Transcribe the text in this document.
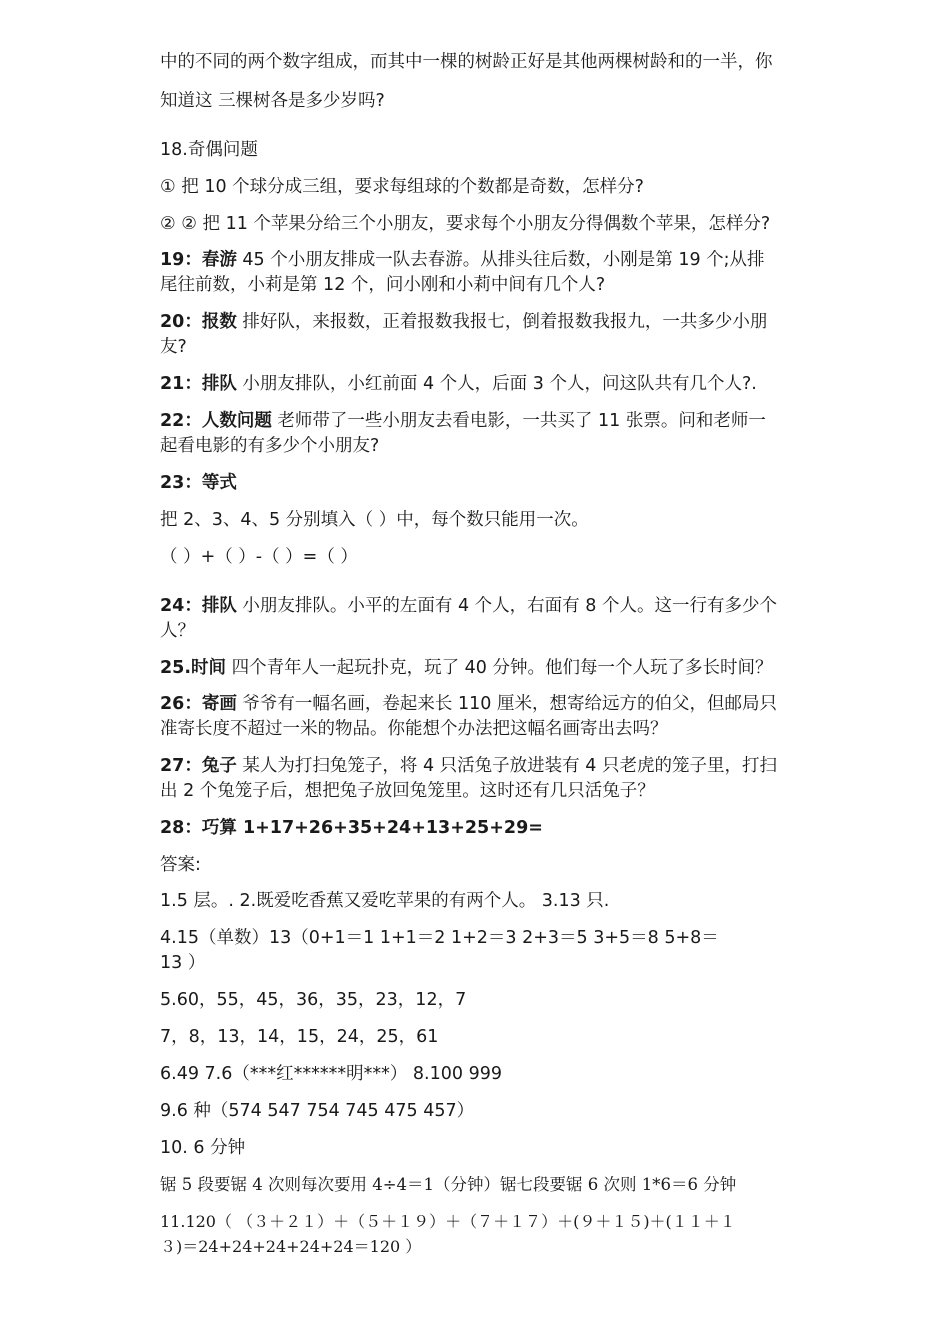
中的不同的两个数字组成，而其中一棵的树龄正好是其他两棵树龄和的一半，你
知道这 三棵树各是多少岁吗?
18.奇偶问题
① 把 10 个球分成三组，要求每组球的个数都是奇数，怎样分?
② ② 把 11 个苹果分给三个小朋友，要求每个小朋友分得偶数个苹果，怎样分?
19：春游 45 个小朋友排成一队去春游。从排头往后数，小刚是第 19 个;从排
尾往前数，小莉是第 12 个，问小刚和小莉中间有几个人?
20：报数 排好队，来报数，正着报数我报七，倒着报数我报九，一共多少小朋
友?
21：排队 小朋友排队，小红前面 4 个人，后面 3 个人，问这队共有几个人?.
22：人数问题 老师带了一些小朋友去看电影，一共买了 11 张票。问和老师一
起看电影的有多少个小朋友?
23：等式
把 2、3、4、5 分别填入（ ）中，每个数只能用一次。
（ ）+（ ）-（ ）=（ ）
24：排队 小朋友排队。小平的左面有 4 个人，右面有 8 个人。这一行有多少个
人？
25.时间 四个青年人一起玩扑克，玩了 40 分钟。他们每一个人玩了多长时间？
26：寄画 爷爷有一幅名画，卷起来长 110 厘米，想寄给远方的伯父，但邮局只
准寄长度不超过一米的物品。你能想个办法把这幅名画寄出去吗？
27：兔子 某人为打扫兔笼子，将 4 只活兔子放进装有 4 只老虎的笼子里，打扫
出 2 个兔笼子后，想把兔子放回兔笼里。这时还有几只活兔子？
28：巧算 1+17+26+35+24+13+25+29=
答案:
1.5 层。. 2.既爱吃香蕉又爱吃苹果的有两个人。 3.13 只.
4.15（单数）13（0+1＝1 1+1＝2 1+2＝3 2+3＝5 3+5＝8 5+8＝
13 ）
5.60，55，45，36，35，23，12，7
7，8，13，14，15，24，25，61
6.49 7.6（***红******明***） 8.100 999
9.6 种（574 547 754 745 475 457）
10. 6 分钟
锯 5 段要锯 4 次则每次要用 4÷4＝1（分钟）锯七段要锯 6 次则 1*6＝6 分钟
11.120（ （３＋２１）＋（５＋１９）＋（７＋１７）＋(９＋１５)＋(１１＋１
３)＝24+24+24+24+24＝120 ）
